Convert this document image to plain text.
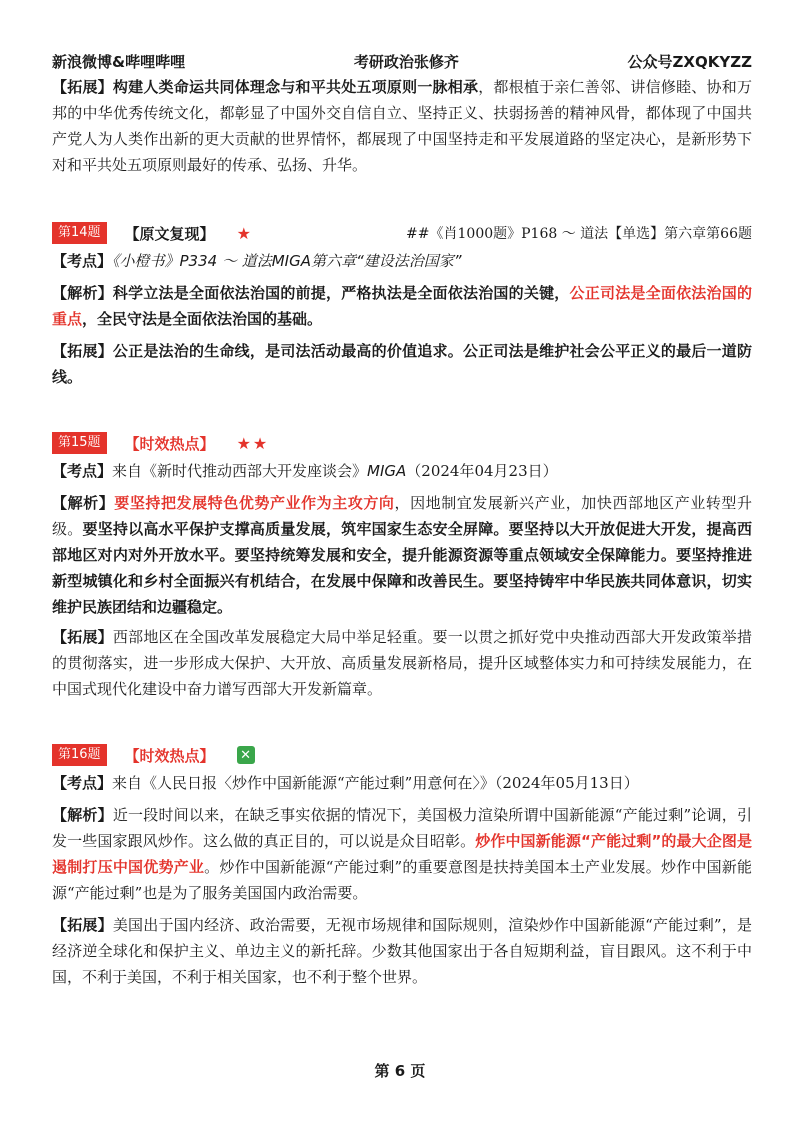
新浪微博&哔哩哔哩	考研政治张修齐	公众号ZXQKYZZ

【拓展】构建人类命运共同体理念与和平共处五项原则一脉相承，都根植于亲仁善邻、讲信修睦、协和万邦的中华优秀传统文化，都彰显了中国外交自信自立、坚持正义、扶弱扬善的精神风骨，都体现了中国共产党人为人类作出新的更大贡献的世界情怀，都展现了中国坚持走和平发展道路的坚定决心，是新形势下对和平共处五项原则最好的传承、弘扬、升华。

第14题	【原文复现】 ★	##《肖1000题》P168 ～ 道法【单选】第六章第66题

【考点】《小橙书》P334 ～ 道法MIGA第六章“建设法治国家”

【解析】科学立法是全面依法治国的前提，严格执法是全面依法治国的关键，公正司法是全面依法治国的重点，全民守法是全面依法治国的基础。

【拓展】公正是法治的生命线，是司法活动最高的价值追求。公正司法是维护社会公平正义的最后一道防线。

第15题	【时效热点】 ★★

【考点】来自《新时代推动西部大开发座谈会》MIGA（2024年04月23日）

【解析】要坚持把发展特色优势产业作为主攻方向，因地制宜发展新兴产业，加快西部地区产业转型升级。要坚持以高水平保护支撑高质量发展，筑牢国家生态安全屏障。要坚持以大开放促进大开发，提高西部地区对内对外开放水平。要坚持统筹发展和安全，提升能源资源等重点领域安全保障能力。要坚持推进新型城镇化和乡村全面振兴有机结合，在发展中保障和改善民生。要坚持铸牢中华民族共同体意识，切实维护民族团结和边疆稳定。

【拓展】西部地区在全国改革发展稳定大局中举足轻重。要一以贯之抓好党中央推动西部大开发政策举措的贯彻落实，进一步形成大保护、大开放、高质量发展新格局，提升区域整体实力和可持续发展能力，在中国式现代化建设中奋力谱写西部大开发新篇章。

第16题	【时效热点】 ✕

【考点】来自《人民日报〈炒作中国新能源“产能过剩”用意何在〉》（2024年05月13日）

【解析】近一段时间以来，在缺乏事实依据的情况下，美国极力渲染所谓中国新能源“产能过剩”论调，引发一些国家跟风炒作。这么做的真正目的，可以说是众目昭彰。炒作中国新能源“产能过剩”的最大企图是遏制打压中国优势产业。炒作中国新能源“产能过剩”的重要意图是扶持美国本土产业发展。炒作中国新能源“产能过剩”也是为了服务美国国内政治需要。

【拓展】美国出于国内经济、政治需要，无视市场规律和国际规则，渲染炒作中国新能源“产能过剩”，是经济逆全球化和保护主义、单边主义的新托辞。少数其他国家出于各自短期利益，盲目跟风。这不利于中国，不利于美国，不利于相关国家，也不利于整个世界。

第 6 页
